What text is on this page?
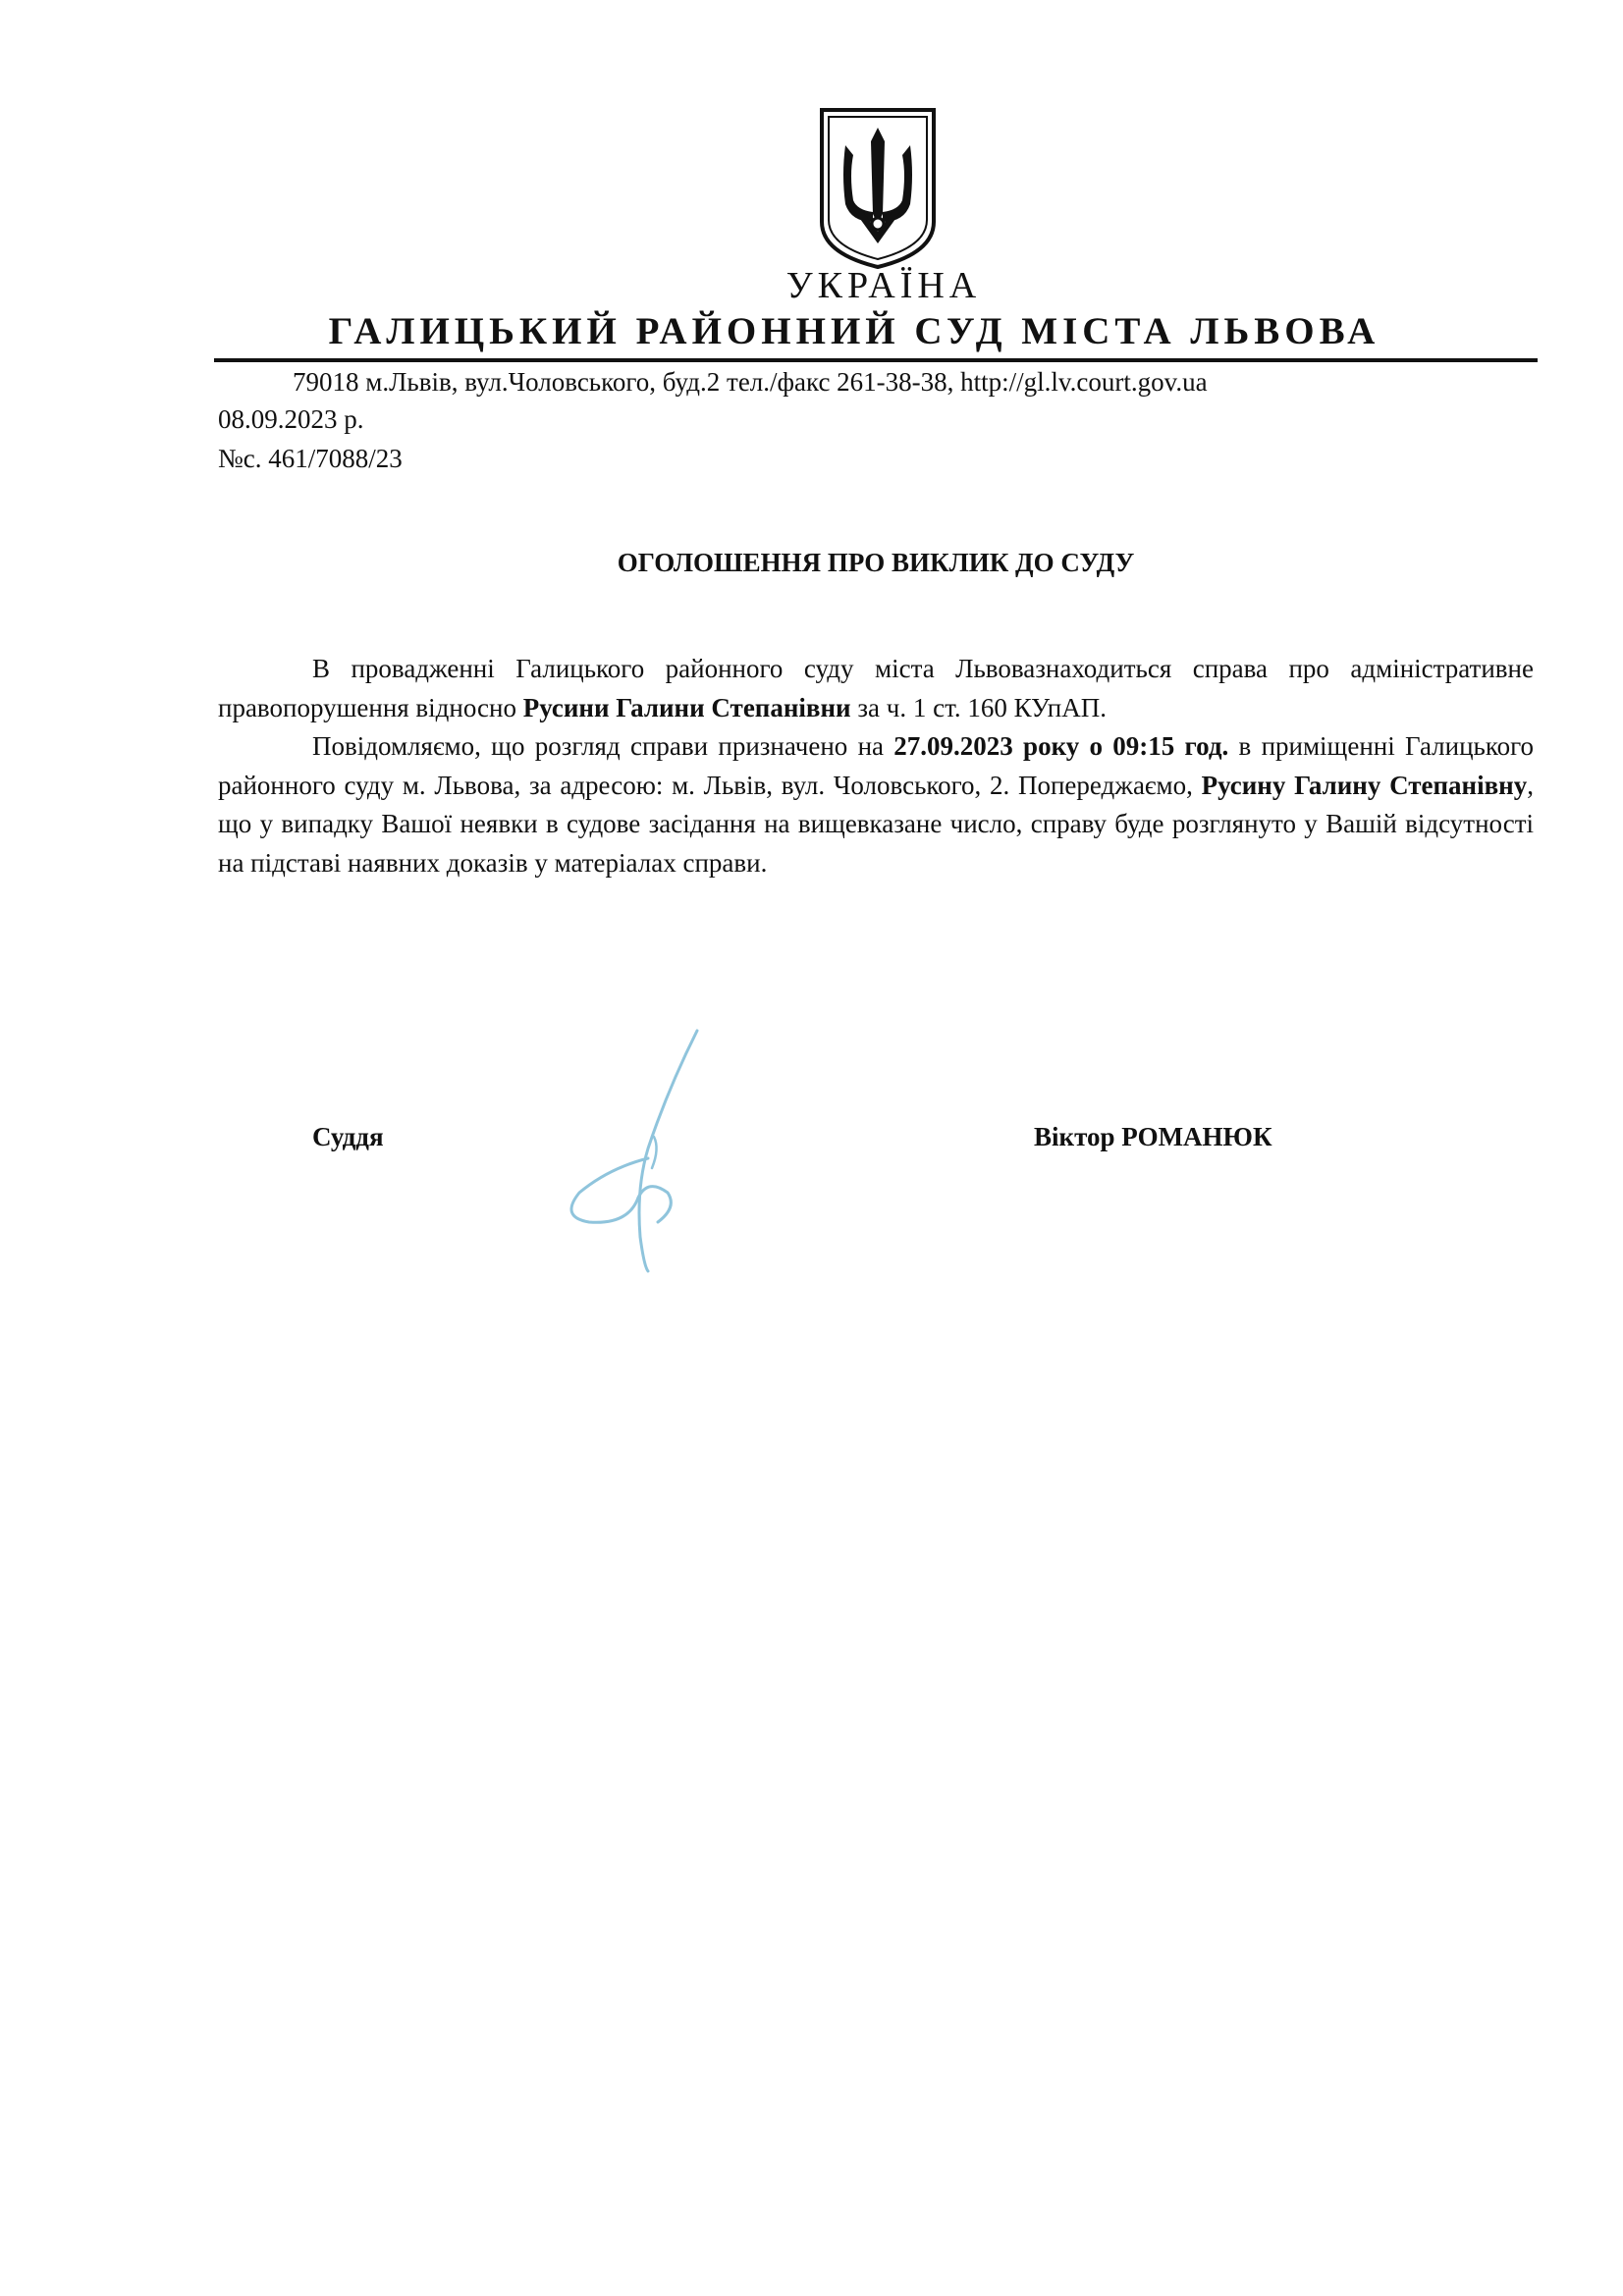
УКРАЇНА
ГАЛИЦЬКИЙ РАЙОННИЙ СУД МІСТА ЛЬВОВА
79018 м.Львів, вул.Чоловського, буд.2 тел./факс 261-38-38, http://gl.lv.court.gov.ua
08.09.2023 р.
№с. 461/7088/23
ОГОЛОШЕННЯ ПРО ВИКЛИК ДО СУДУ

В провадженні Галицького районного суду міста Львовазнаходиться справа про адміністративне правопорушення відносно Русини Галини Степанівни за ч. 1 ст. 160 КУпАП.

Повідомляємо, що розгляд справи призначено на 27.09.2023 року о 09:15 год. в приміщенні Галицького районного суду м. Львова, за адресою: м. Львів, вул. Чоловського, 2. Попереджаємо, Русину Галину Степанівну, що у випадку Вашої неявки в судове засідання на вищевказане число, справу буде розглянуто у Вашій відсутності на підставі наявних доказів у матеріалах справи.

Суддя	Віктор РОМАНЮК
